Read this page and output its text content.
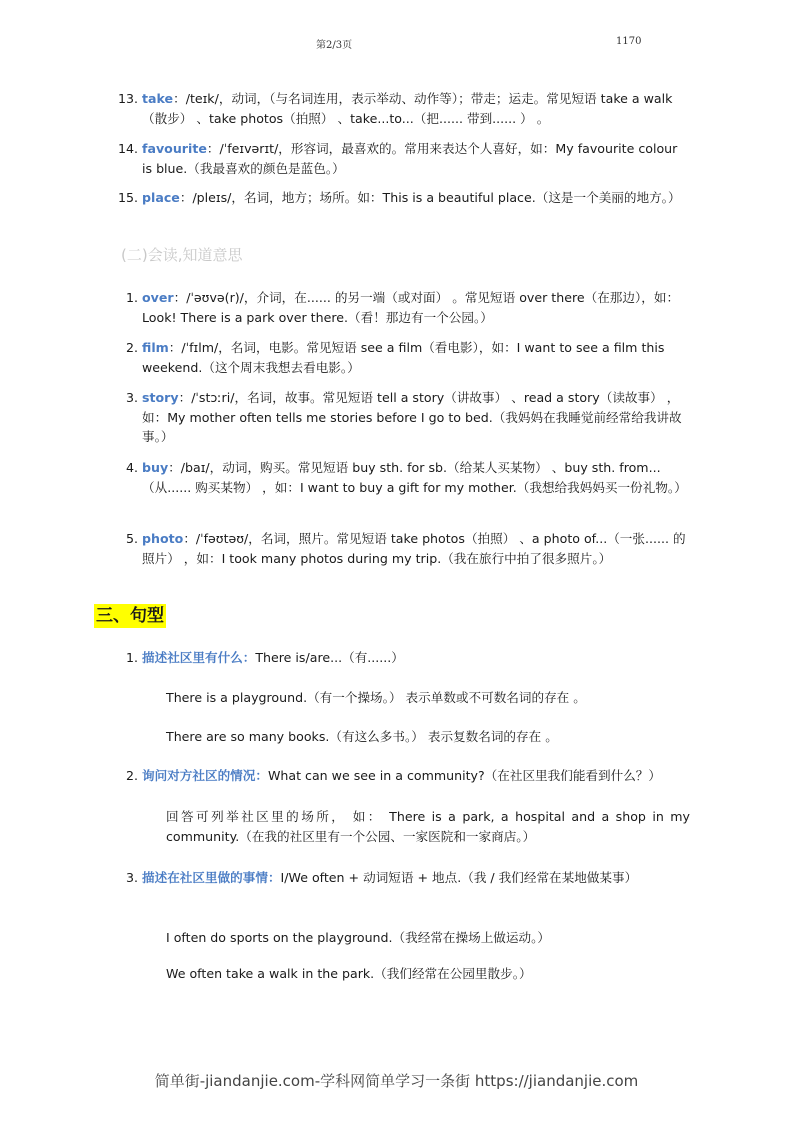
第2/3页	1170
13. take：/teɪk/，动词，（与名词连用，表示举动、动作等）；带走；运走。常见短语 take a walk（散步） 、take photos（拍照） 、take...to...（把...... 带到...... ） 。
14. favourite：/ˈfeɪvərɪt/，形容词，最喜欢的。常用来表达个人喜好，如：My favourite colour is blue.（我最喜欢的颜色是蓝色。）
15. place：/pleɪs/，名词，地方；场所。如：This is a beautiful place.（这是一个美丽的地方。）
(二)会读,知道意思
1. over：/ˈəʊvə(r)/，介词，在...... 的另一端（或对面） 。常见短语 over there（在那边），如：Look! There is a park over there.（看！那边有一个公园。）
2. film：/ˈfɪlm/，名词，电影。常见短语 see a film（看电影），如：I want to see a film this weekend.（这个周末我想去看电影。）
3. story：/ˈstɔːri/，名词，故事。常见短语 tell a story（讲故事） 、read a story（读故事） ，如：My mother often tells me stories before I go to bed.（我妈妈在我睡觉前经常给我讲故事。）
4. buy：/baɪ/，动词，购买。常见短语 buy sth. for sb.（给某人买某物） 、buy sth. from...（从...... 购买某物） ，如：I want to buy a gift for my mother.（我想给我妈妈买一份礼物。）
5. photo：/ˈfəʊtəʊ/，名词，照片。常见短语 take photos（拍照） 、a photo of...（一张...... 的照片） ，如：I took many photos during my trip.（我在旅行中拍了很多照片。）
三、句型
1. 描述社区里有什么：There is/are...（有......）
There is a playground.（有一个操场。） 表示单数或不可数名词的存在 。
There are so many books.（有这么多书。） 表示复数名词的存在 。
2. 询问对方社区的情况：What can we see in a community?（在社区里我们能看到什么？）
回答可列举社区里的场所， 如： There is a park, a hospital and a shop in my community.（在我的社区里有一个公园、一家医院和一家商店。）
3. 描述在社区里做的事情：I/We often + 动词短语 + 地点.（我 / 我们经常在某地做某事）
I often do sports on the playground.（我经常在操场上做运动。）
We often take a walk in the park.（我们经常在公园里散步。）
简单街-jiandanjie.com-学科网简单学习一条街 https://jiandanjie.com
